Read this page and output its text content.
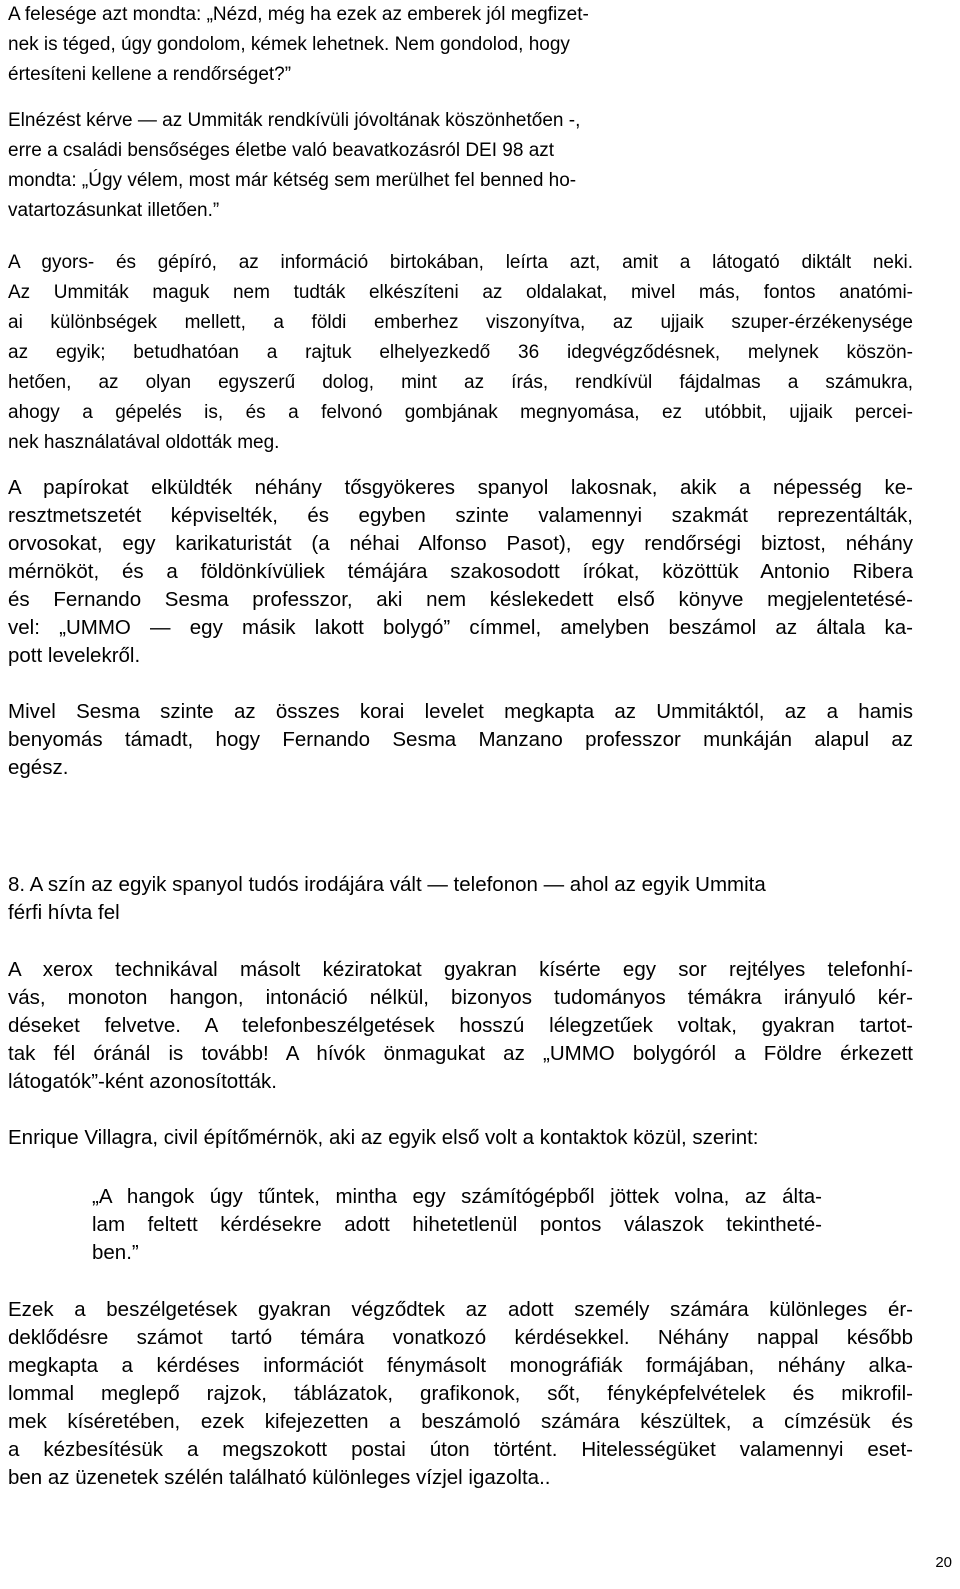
A felesége azt mondta: „Nézd, még ha ezek az emberek jól megfizet-
nek is téged, úgy gondolom, kémek lehetnek. Nem gondolod, hogy
értesíteni kellene a rendőrséget?”
Elnézést kérve — az Ummiták rendkívüli jóvoltának köszönhetően -,
erre a családi bensőséges életbe való beavatkozásról DEI 98 azt
mondta: „Úgy vélem, most már kétség sem merülhet fel benned ho-
vatartozásunkat illetően.”
A gyors- és gépíró, az információ birtokában, leírta azt, amit a látogató diktált neki.
Az Ummiták maguk nem tudták elkészíteni az oldalakat, mivel más, fontos anatómi-
ai különbségek mellett, a földi emberhez viszonyítva, az ujjaik szuper-érzékenysége
az egyik; betudhatóan a rajtuk elhelyezkedő 36 idegvégződésnek, melynek köszön-
hetően, az olyan egyszerű dolog, mint az írás, rendkívül fájdalmas a számukra,
ahogy a gépelés is, és a felvonó gombjának megnyomása, ez utóbbit, ujjaik percei-
nek használatával oldották meg.
A papírokat elküldték néhány tősgyökeres spanyol lakosnak, akik a népesség ke-
resztmetszetét képviselték, és egyben szinte valamennyi szakmát reprezentálták,
orvosokat, egy karikaturistát (a néhai Alfonso Pasot), egy rendőrségi biztost, néhány
mérnököt, és a földönkívüliek témájára szakosodott írókat, közöttük Antonio Ribera
és Fernando Sesma professzor, aki nem késlekedett első könyve megjelentetésé-
vel: „UMMO — egy másik lakott bolygó” címmel, amelyben beszámol az általa ka-
pott levelekről.
Mivel Sesma szinte az összes korai levelet megkapta az Ummitáktól, az a hamis
benyomás támadt, hogy Fernando Sesma Manzano professzor munkáján alapul az
egész.
8. A szín az egyik spanyol tudós irodájára vált — telefonon — ahol az egyik Ummita
férfi hívta fel
A xerox technikával másolt kéziratokat gyakran kísérte egy sor rejtélyes telefonhí-
vás, monoton hangon, intonáció nélkül, bizonyos tudományos témákra irányuló kér-
déseket felvetve. A telefonbeszélgetések hosszú lélegzetűek voltak, gyakran tartot-
tak fél óránál is tovább! A hívók önmagukat az „UMMO bolygóról a Földre érkezett
látogatók”-ként azonosították.
Enrique Villagra, civil építőmérnök, aki az egyik első volt a kontaktok közül, szerint:
„A hangok úgy tűntek, mintha egy számítógépből jöttek volna, az álta-
lam feltett kérdésekre adott hihetetlenül pontos válaszok tekintheté-
ben.”
Ezek a beszélgetések gyakran végződtek az adott személy számára különleges ér-
deklődésre számot tartó témára vonatkozó kérdésekkel. Néhány nappal később
megkapta a kérdéses információt fénymásolt monográfiák formájában, néhány alka-
lommal meglepő rajzok, táblázatok, grafikonok, sőt, fényképfelvételek és mikrofil-
mek kíséretében, ezek kifejezetten a beszámoló számára készültek, a címzésük és
a kézbesítésük a megszokott postai úton történt. Hitelességüket valamennyi eset-
ben az üzenetek szélén található különleges vízjel igazolta..
20
